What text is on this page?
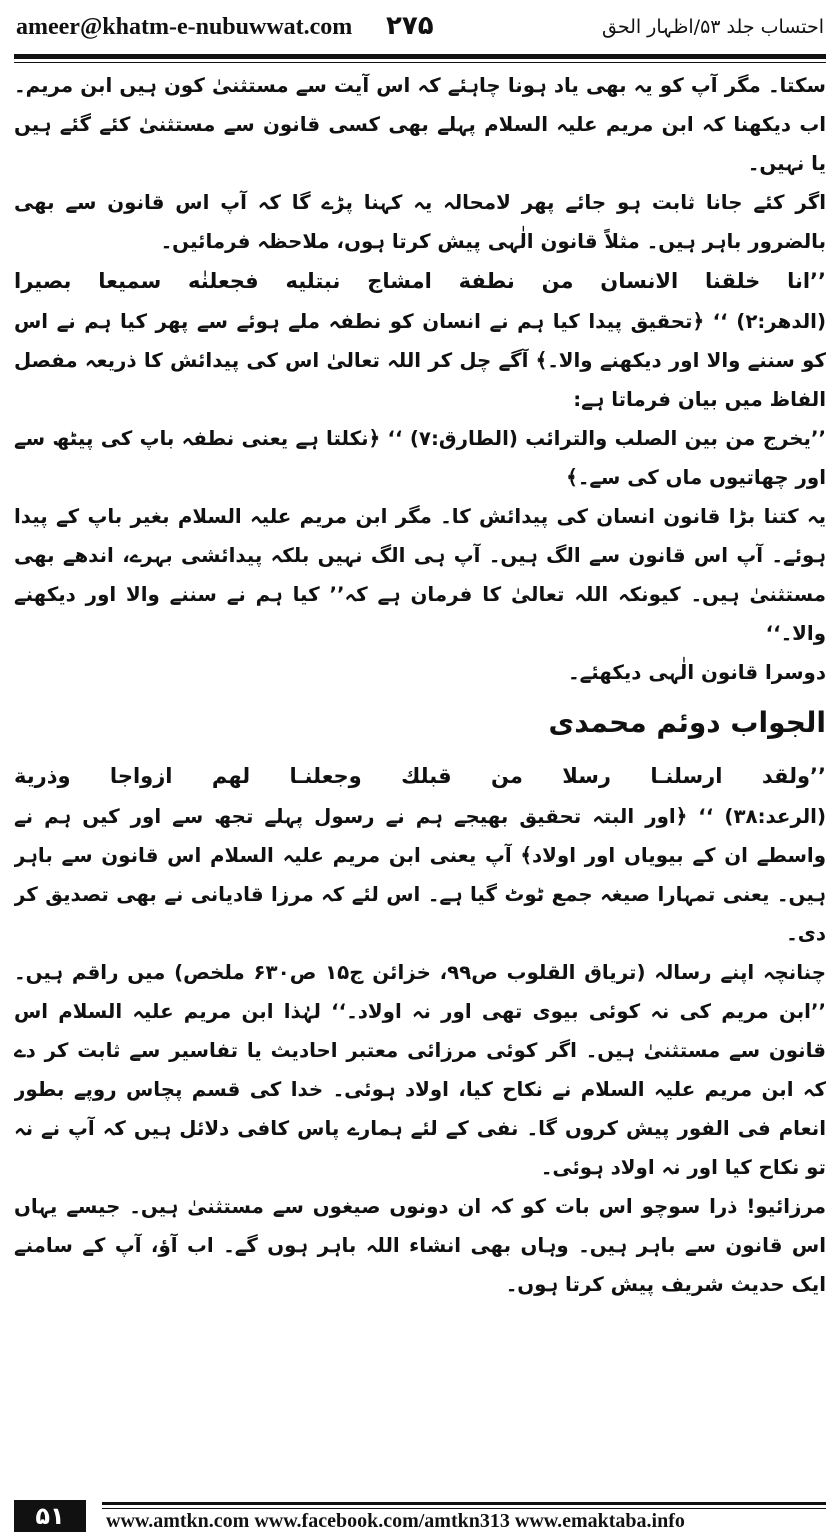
ameer@khatm-e-nubuwwat.com ۲۷۵	احتساب جلد ۵۳/اظہار الحق

سکتا۔ مگر آپ کو یہ بھی یاد ہونا چاہئے کہ اس آیت سے مستثنیٰ کون ہیں ابن مریم۔ اب دیکھنا کہ ابن مریم علیہ السلام پہلے بھی کسی قانون سے مستثنیٰ کئے گئے ہیں یا نہیں۔

اگر کئے جانا ثابت ہو جائے پھر لامحالہ یہ کہنا پڑے گا کہ آپ اس قانون سے بھی بالضرور باہر ہیں۔ مثلاً قانون الٰہی پیش کرتا ہوں، ملاحظہ فرمائیں۔

’’انا خلقنا الانسان من نطفة امشاج نبتليه فجعلنٰه سميعا بصيرا

(الدھر:۲) ‘‘ ﴿تحقیق پیدا کیا ہم نے انسان کو نطفہ ملے ہوئے سے پھر کیا ہم نے اس کو سننے والا اور دیکھنے والا۔﴾ آگے چل کر اللہ تعالیٰ اس کی پیدائش کا ذریعہ مفصل الفاظ میں بیان فرماتا ہے:

’’یخرج من بین الصلب والترائب (الطارق:۷) ‘‘ ﴿نکلتا ہے یعنی نطفہ باپ کی پیٹھ سے اور چھاتیوں ماں کی سے۔﴾

یہ کتنا بڑا قانون انسان کی پیدائش کا۔ مگر ابن مریم علیہ السلام بغیر باپ کے پیدا ہوئے۔ آپ اس قانون سے الگ ہیں۔ آپ ہی الگ نہیں بلکہ پیدائشی بہرے، اندھے بھی مستثنیٰ ہیں۔ کیونکہ اللہ تعالیٰ کا فرمان ہے کہ’’ کیا ہم نے سننے والا اور دیکھنے والا۔‘‘

دوسرا قانون الٰہی دیکھئے۔

الجواب دوئم محمدی

’’ولقد ارسلنـا رسلا من قبلك وجعلنـا لهم ازواجا وذرية

(الرعد:۳۸) ‘‘ ﴿اور البتہ تحقیق بھیجے ہم نے رسول پہلے تجھ سے اور کیں ہم نے واسطے ان کے بیویاں اور اولاد﴾ آپ یعنی ابن مریم علیہ السلام اس قانون سے باہر ہیں۔ یعنی تمہارا صیغہ جمع ٹوٹ گیا ہے۔ اس لئے کہ مرزا قادیانی نے بھی تصدیق کر دی۔

چنانچہ اپنے رسالہ (تریاق القلوب ص۹۹، خزائن ج۱۵ ص۶۳۰ ملخص) میں راقم ہیں۔ ’’ابن مریم کی نہ کوئی بیوی تھی اور نہ اولاد۔‘‘ لہٰذا ابن مریم علیہ السلام اس قانون سے مستثنیٰ ہیں۔ اگر کوئی مرزائی معتبر احادیث یا تفاسیر سے ثابت کر دے کہ ابن مریم علیہ السلام نے نکاح کیا، اولاد ہوئی۔ خدا کی قسم پچاس روپے بطور انعام فی الفور پیش کروں گا۔ نفی کے لئے ہمارے پاس کافی دلائل ہیں کہ آپ نے نہ تو نکاح کیا اور نہ اولاد ہوئی۔

مرزائیو! ذرا سوچو اس بات کو کہ ان دونوں صیغوں سے مستثنیٰ ہیں۔ جیسے یہاں اس قانون سے باہر ہیں۔ وہاں بھی انشاء اللہ باہر ہوں گے۔ اب آؤ، آپ کے سامنے ایک حدیث شریف پیش کرتا ہوں۔

۵۱	www.amtkn.com www.facebook.com/amtkn313 www.emaktaba.info
